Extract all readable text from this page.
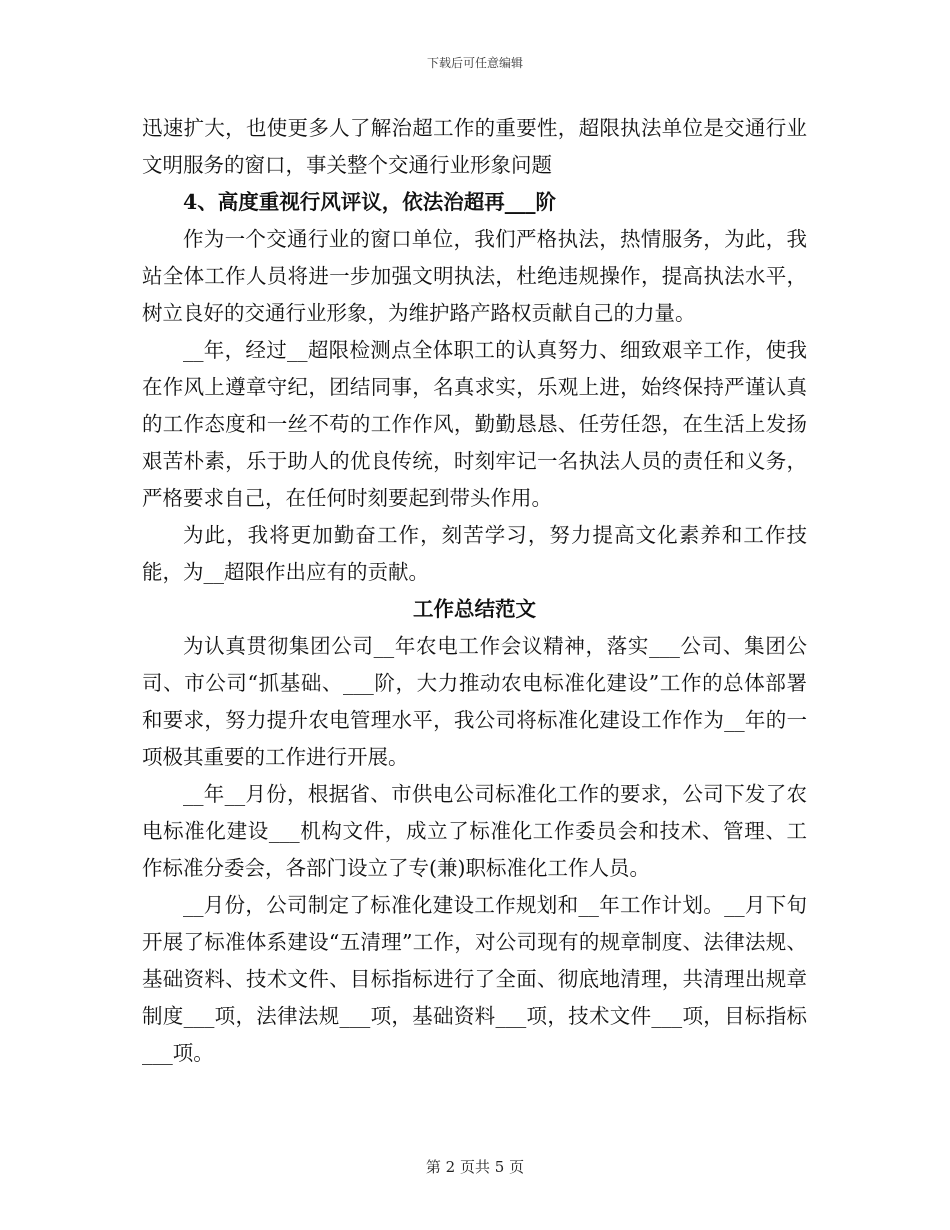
下载后可任意编辑

迅速扩大，也使更多人了解治超工作的重要性，超限执法单位是交通行业文明服务的窗口，事关整个交通行业形象问题

4、高度重视行风评议，依法治超再___阶

作为一个交通行业的窗口单位，我们严格执法，热情服务，为此，我站全体工作人员将进一步加强文明执法，杜绝违规操作，提高执法水平，树立良好的交通行业形象，为维护路产路权贡献自己的力量。

__年，经过__超限检测点全体职工的认真努力、细致艰辛工作，使我在作风上遵章守纪，团结同事，名真求实，乐观上进，始终保持严谨认真的工作态度和一丝不苟的工作作风，勤勤恳恳、任劳任怨，在生活上发扬艰苦朴素，乐于助人的优良传统，时刻牢记一名执法人员的责任和义务，严格要求自己，在任何时刻要起到带头作用。

为此，我将更加勤奋工作，刻苦学习，努力提高文化素养和工作技能，为__超限作出应有的贡献。

工作总结范文

为认真贯彻集团公司__年农电工作会议精神，落实___公司、集团公司、市公司“抓基础、___阶，大力推动农电标准化建设”工作的总体部署和要求，努力提升农电管理水平，我公司将标准化建设工作作为__年的一项极其重要的工作进行开展。

__年__月份，根据省、市供电公司标准化工作的要求，公司下发了农电标准化建设___机构文件，成立了标准化工作委员会和技术、管理、工作标准分委会，各部门设立了专(兼)职标准化工作人员。

__月份，公司制定了标准化建设工作规划和__年工作计划。__月下旬开展了标准体系建设“五清理”工作，对公司现有的规章制度、法律法规、基础资料、技术文件、目标指标进行了全面、彻底地清理，共清理出规章制度___项，法律法规___项，基础资料___项，技术文件___项，目标指标___项。

第 2 页共 5 页
